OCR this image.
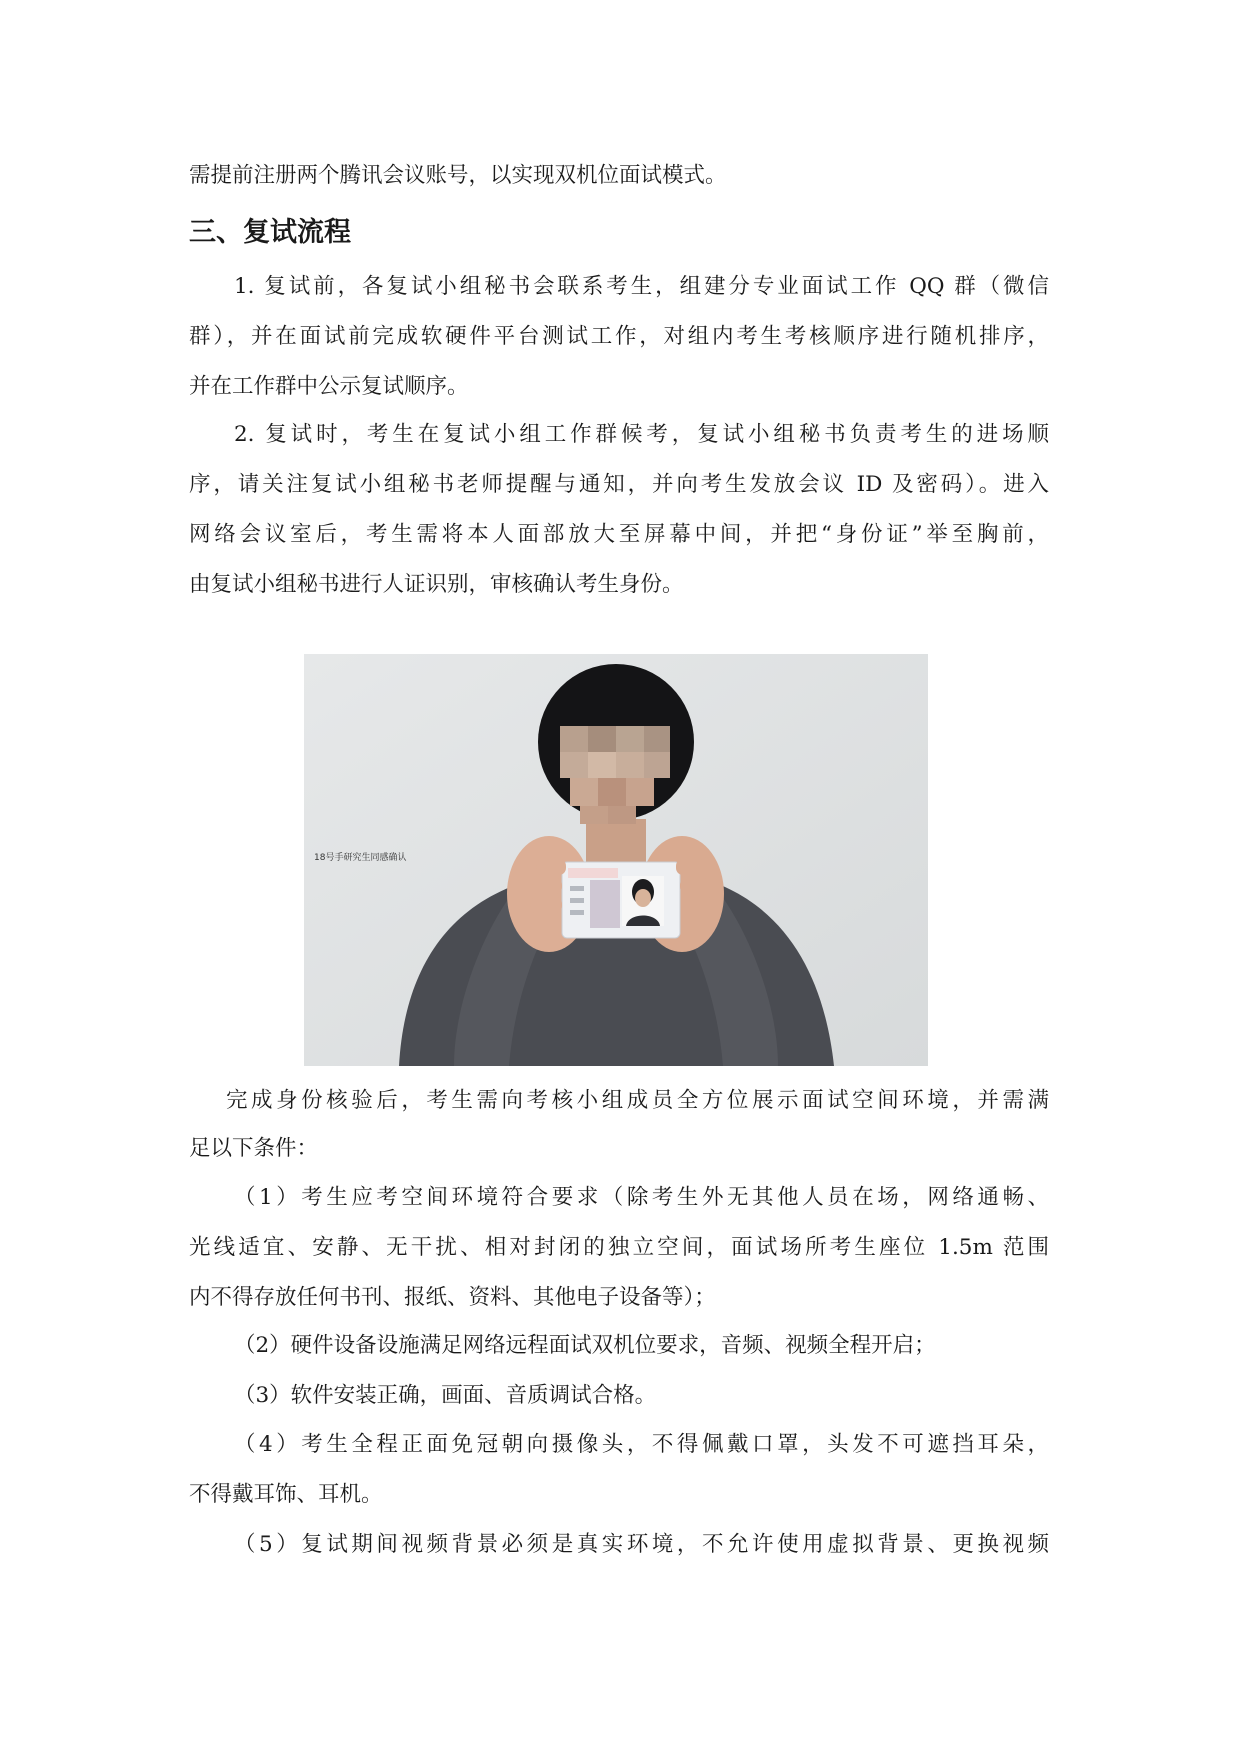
需提前注册两个腾讯会议账号，以实现双机位面试模式。
三、复试流程
1. 复试前，各复试小组秘书会联系考生，组建分专业面试工作 QQ 群（微信
群），并在面试前完成软硬件平台测试工作，对组内考生考核顺序进行随机排序，
并在工作群中公示复试顺序。
2. 复试时，考生在复试小组工作群候考，复试小组秘书负责考生的进场顺
序，请关注复试小组秘书老师提醒与通知，并向考生发放会议 ID 及密码）。进入
网络会议室后，考生需将本人面部放大至屏幕中间，并把“身份证”举至胸前，
由复试小组秘书进行人证识别，审核确认考生身份。
18号手研究生同感确认
完成身份核验后，考生需向考核小组成员全方位展示面试空间环境，并需满
足以下条件：
（1）考生应考空间环境符合要求（除考生外无其他人员在场，网络通畅、
光线适宜、安静、无干扰、相对封闭的独立空间，面试场所考生座位 1.5m 范围
内不得存放任何书刊、报纸、资料、其他电子设备等）；
（2）硬件设备设施满足网络远程面试双机位要求，音频、视频全程开启；
（3）软件安装正确，画面、音质调试合格。
（4）考生全程正面免冠朝向摄像头，不得佩戴口罩，头发不可遮挡耳朵，
不得戴耳饰、耳机。
（5）复试期间视频背景必须是真实环境，不允许使用虚拟背景、更换视频
